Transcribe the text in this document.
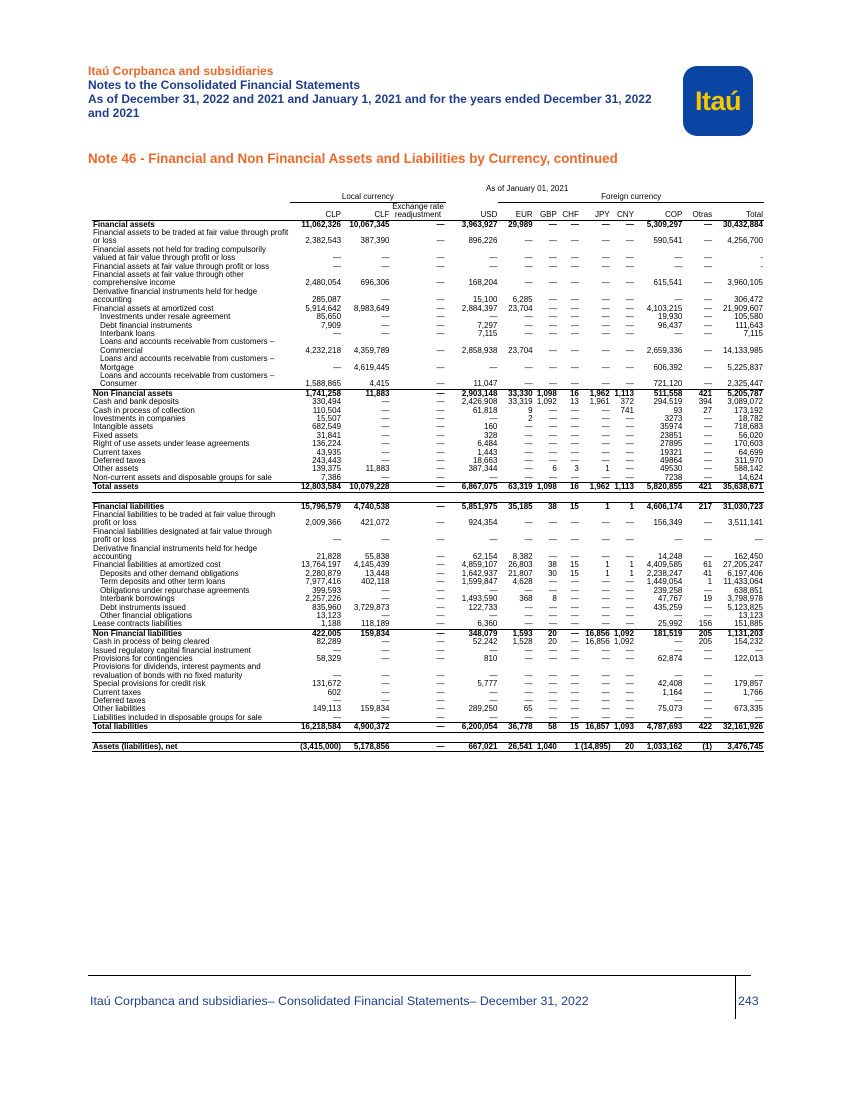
Itaú Corpbanca and subsidiaries
Notes to the Consolidated Financial Statements
As of December 31, 2022 and 2021 and January 1, 2021 and for the years ended December 31, 2022
and 2021	Itaú
Note 46 - Financial and Non Financial Assets and Liabilities by Currency, continued
	As of January 01, 2021											
	Local currency				Foreign currency							
			Exchange rate									
	CLP	CLF	readjustment	USD	EUR	GBP	CHF	JPY	CNY	COP	Otras	Total
Financial assets	11,062,326	10,067,345	—	3,963,927	29,989	—	—	—	—	5,309,297	—	30,432,884
Financial assets to be traded at fair value through profit or loss	2,382,543	387,390	—	896,226	—	—	—	—	—	590,541	—	4,256,700
Financial assets not held for trading compulsorily valued at fair value through profit or loss	—	—	—	—	—	—	—	—	—	—	—	-
Financial assets at fair value through profit or loss	—	—	—	—	—	—	—	—	—	—	—	-
Financial assets at fair value through other comprehensive income	2,480,054	696,306	—	168,204	—	—	—	—	—	615,541	—	3,960,105
Derivative financial instruments held for hedge accounting	285,087	—	—	15,100	6,285	—	—	—	—	—	—	306,472
Financial assets at amortized cost	5,914,642	8,983,649	—	2,884,397	23,704	—	—	—	—	4,103,215	—	21,909,607
Investments under resale agreement	85,650	—	—	—	—	—	—	—	—	19,930	—	105,580
Debt financial instruments	7,909	—	—	7,297	—	—	—	—	—	96,437	—	111,643
Interbank loans	—	—	—	7,115	—	—	—	—	—	—	—	7,115
Loans and accounts receivable from customers – Commercial	4,232,218	4,359,789	—	2,858,938	23,704	—	—	—	—	2,659,336	—	14,133,985
Loans and accounts receivable from customers – Mortgage	—	4,619,445	—	—	—	—	—	—	—	606,392	—	5,225,837
Loans and accounts receivable from customers – Consumer	1,588,865	4,415	—	11,047	—	—	—	—	—	721,120	—	2,325,447
Non Financial assets	1,741,258	11,883	—	2,903,148	33,330	1,098	16	1,962	1,113	511,558	421	5,205,787
Cash and bank deposits	330,494	—	—	2,426,908	33,319	1,092	13	1,961	372	294,519	394	3,089,072
Cash in process of collection	110,504	—	—	61,818	9	—	—	—	741	93	27	173,192
Investments in companies	15,507	—	—	—	2	—	—	—	—	3273	—	18,782
Intangible assets	682,549	—	—	160	—	—	—	—	—	35974	—	718,683
Fixed assets	31,841	—	—	328	—	—	—	—	—	23851	—	56,020
Right of use assets under lease agreements	136,224	—	—	6,484	—	—	—	—	—	27895	—	170,603
Current taxes	43,935	—	—	1,443	—	—	—	—	—	19321	—	64,699
Deferred taxes	243,443	—	—	18,663	—	—	—	—	—	49864	—	311,970
Other assets	139,375	11,883	—	387,344	—	6	3	1	—	49530	—	588,142
Non-current assets and disposable groups for sale	7,386	—	—	—	—	—	—	—	—	7238	—	14,624
Total assets	12,803,584	10,079,228	—	6,867,075	63,319	1,098	16	1,962	1,113	5,820,855	421	35,638,671

Financial liabilities	15,796,579	4,740,538	—	5,851,975	35,185	38	15	1	1	4,606,174	217	31,030,723
Financial liabilities to be traded at fair value through profit or loss	2,009,366	421,072	—	924,354	—	—	—	—	—	156,349	—	3,511,141
Financial liabilities designated at fair value through profit or loss	—	—	—	—	—	—	—	—	—	—	—	—
Derivative financial instruments held for hedge accounting	21,828	55,838	—	62,154	8,382	—	—	—	—	14,248	—	162,450
Financial liabilities at amortized cost	13,764,197	4,145,439	—	4,859,107	26,803	38	15	1	1	4,409,585	61	27,205,247
Deposits and other demand obligations	2,280,879	13,448	—	1,642,937	21,807	30	15	1	1	2,238,247	41	6,197,406
Term deposits and other term loans	7,977,416	402,118	—	1,599,847	4,628	—	—	—	—	1,449,054	1	11,433,064
Obligations under repurchase agreements	399,593	—	—	—	—	—	—	—	—	239,258	—	638,851
Interbank borrowings	2,257,226	—	—	1,493,590	368	8	—	—	—	47,767	19	3,798,978
Debt instruments issued	835,960	3,729,873	—	122,733	—	—	—	—	—	435,259	—	5,123,825
Other financial obligations	13,123	—	—	—	—	—	—	—	—	—	—	13,123
Lease contracts liabilities	1,188	118,189	—	6,360	—	—	—	—	—	25,992	156	151,885
Non Financial liabilities	422,005	159,834	—	348,079	1,593	20	—	16,856	1,092	181,519	205	1,131,203
Cash in process of being cleared	82,289	—	—	52,242	1,528	20	—	16,856	1,092	—	205	154,232
Issued regulatory capital financial instrument	—	—	—	—	—	—	—	—	—	—	—	—
Provisions for contingencies	58,329	—	—	810	—	—	—	—	—	62,874	—	122,013
Provisions for dividends, interest payments and revaluation of bonds with no fixed maturity	—	—	—	—	—	—	—	—	—	—	—	—
Special provisions for credit risk	131,672	—	—	5,777	—	—	—	—	—	42,408	—	179,857
Current taxes	602	—	—	—	—	—	—	—	—	1,164	—	1,766
Deferred taxes	—	—	—	—	—	—	—	—	—	—	—	—
Other liabilities	149,113	159,834	—	289,250	65	—	—	—	—	75,073	—	673,335
Liabilities included in disposable groups for sale	—	—	—	—	—	—	—	—	—	—	—	—
Total liabilities	16,218,584	4,900,372	—	6,200,054	36,778	58	15	16,857	1,093	4,787,693	422	32,161,926

Assets (liabilities), net	(3,415,000)	5,178,856	—	667,021	26,541	1,040	1	(14,895)	20	1,033,162	(1)	3,476,745
Itaú Corpbanca and subsidiaries– Consolidated Financial Statements– December 31, 2022	243
